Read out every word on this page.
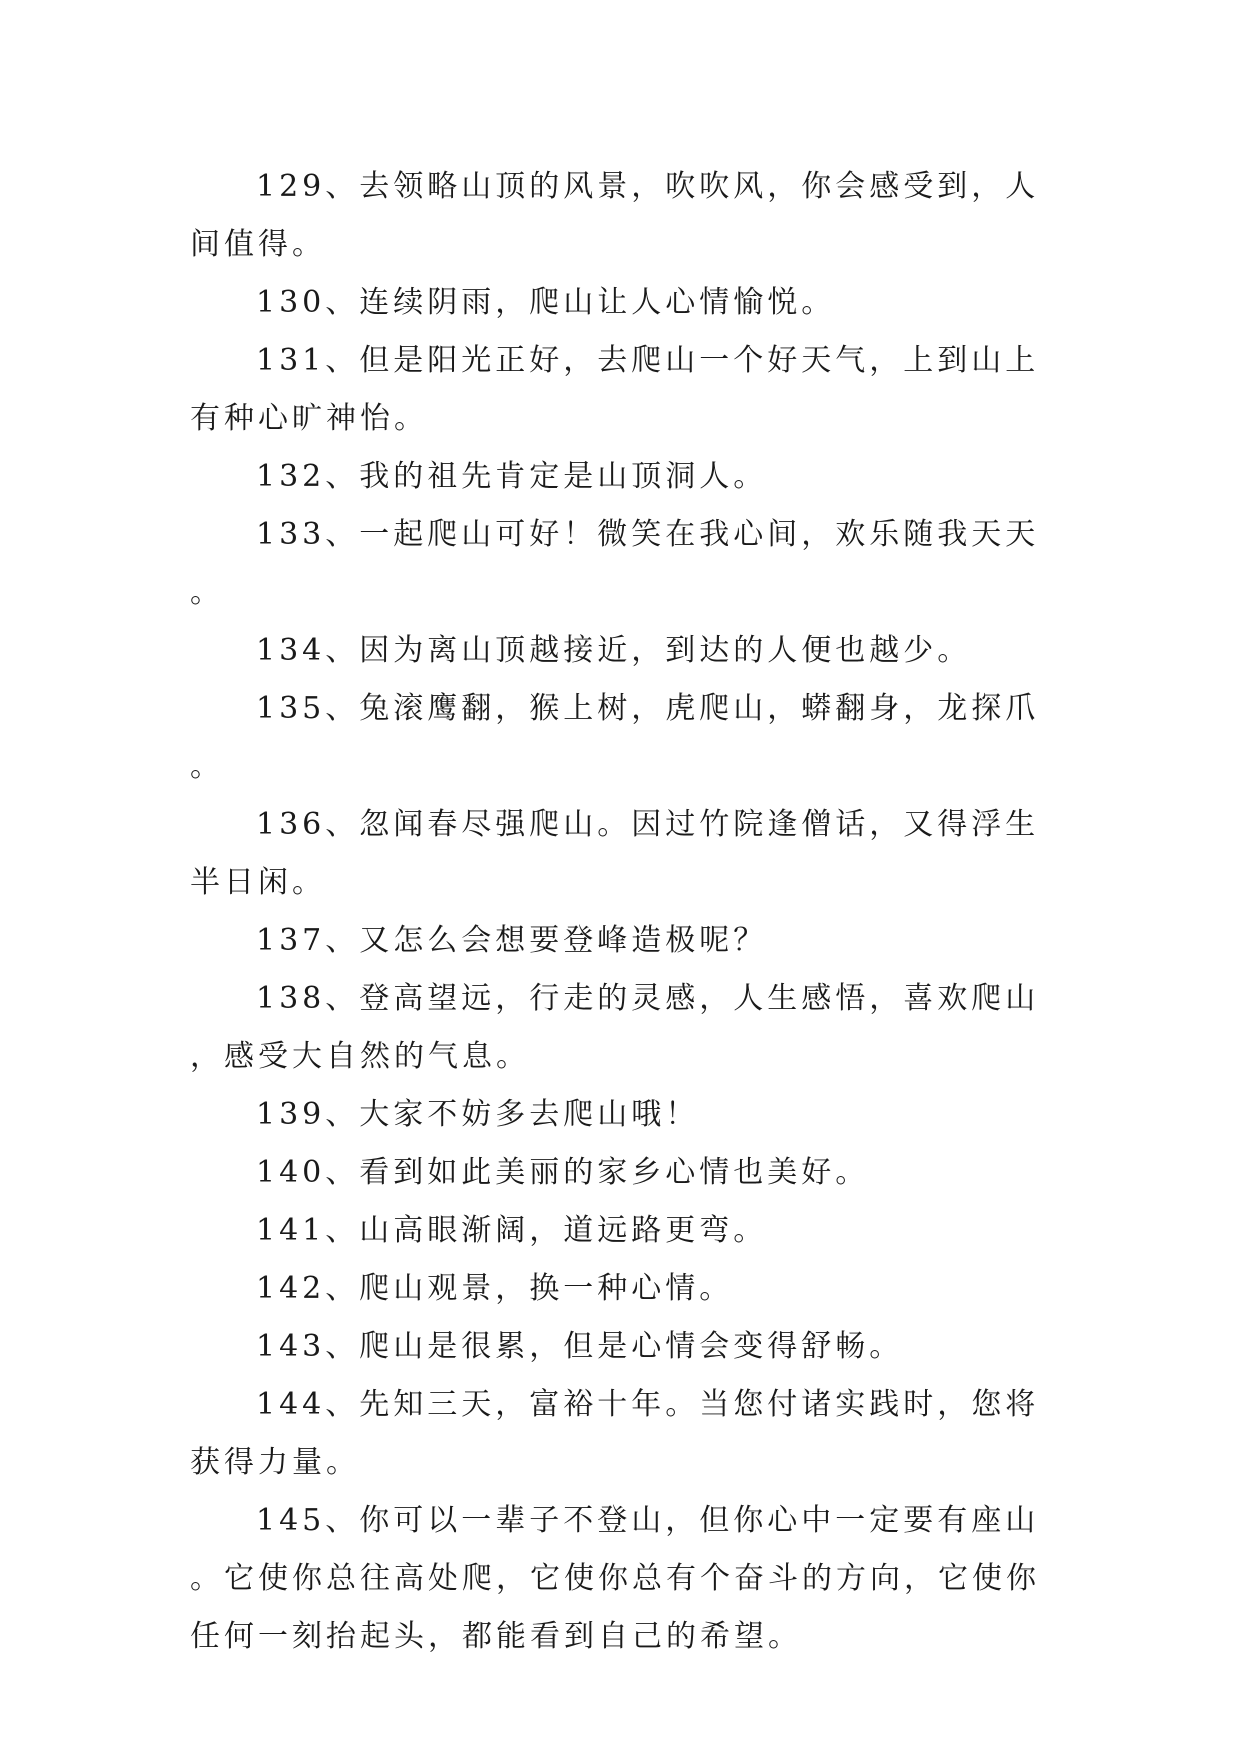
129、去领略山顶的风景，吹吹风，你会感受到，人间值得。

130、连续阴雨，爬山让人心情愉悦。

131、但是阳光正好，去爬山一个好天气，上到山上有种心旷神怡。

132、我的祖先肯定是山顶洞人。

133、一起爬山可好！微笑在我心间，欢乐随我天天。

134、因为离山顶越接近，到达的人便也越少。

135、兔滚鹰翻，猴上树，虎爬山，蟒翻身，龙探爪。

136、忽闻春尽强爬山。因过竹院逢僧话，又得浮生半日闲。

137、又怎么会想要登峰造极呢？

138、登高望远，行走的灵感，人生感悟，喜欢爬山，感受大自然的气息。

139、大家不妨多去爬山哦！

140、看到如此美丽的家乡心情也美好。

141、山高眼渐阔，道远路更弯。

142、爬山观景，换一种心情。

143、爬山是很累，但是心情会变得舒畅。

144、先知三天，富裕十年。当您付诸实践时，您将获得力量。

145、你可以一辈子不登山，但你心中一定要有座山。它使你总往高处爬，它使你总有个奋斗的方向，它使你任何一刻抬起头，都能看到自己的希望。
